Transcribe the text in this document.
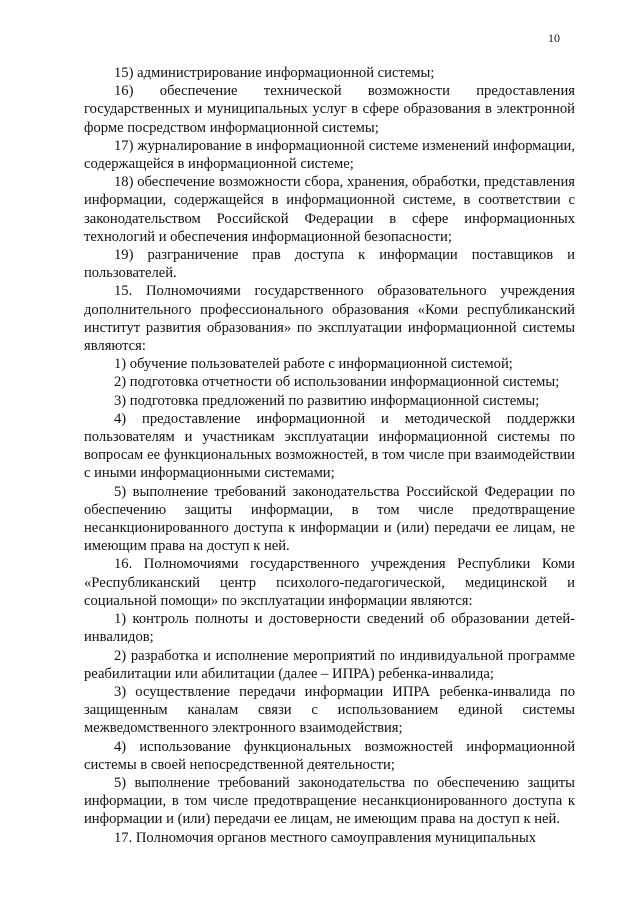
10

15) администрирование информационной системы;

16) обеспечение технической возможности предоставления государственных и муниципальных услуг в сфере образования в электронной форме посредством информационной системы;

17) журналирование в информационной системе изменений информации, содержащейся в информационной системе;

18) обеспечение возможности сбора, хранения, обработки, представления информации, содержащейся в информационной системе, в соответствии с законодательством Российской Федерации в сфере информационных технологий и обеспечения информационной безопасности;

19) разграничение прав доступа к информации поставщиков и пользователей.

15. Полномочиями государственного образовательного учреждения дополнительного профессионального образования «Коми республиканский институт развития образования» по эксплуатации информационной системы являются:

1) обучение пользователей работе с информационной системой;

2) подготовка отчетности об использовании информационной системы;

3) подготовка предложений по развитию информационной системы;

4) предоставление информационной и методической поддержки пользователям и участникам эксплуатации информационной системы по вопросам ее функциональных возможностей, в том числе при взаимодействии с иными информационными системами;

5) выполнение требований законодательства Российской Федерации по обеспечению защиты информации, в том числе предотвращение несанкционированного доступа к информации и (или) передачи ее лицам, не имеющим права на доступ к ней.

16. Полномочиями государственного учреждения Республики Коми «Республиканский центр психолого-педагогической, медицинской и социальной помощи» по эксплуатации информации являются:

1) контроль полноты и достоверности сведений об образовании детей-инвалидов;

2) разработка и исполнение мероприятий по индивидуальной программе реабилитации или абилитации (далее – ИПРА) ребенка-инвалида;

3) осуществление передачи информации ИПРА ребенка-инвалида по защищенным каналам связи с использованием единой системы межведомственного электронного взаимодействия;

4) использование функциональных возможностей информационной системы в своей непосредственной деятельности;

5) выполнение требований законодательства по обеспечению защиты информации, в том числе предотвращение несанкционированного доступа к информации и (или) передачи ее лицам, не имеющим права на доступ к ней.

17. Полномочия органов местного самоуправления муниципальных
